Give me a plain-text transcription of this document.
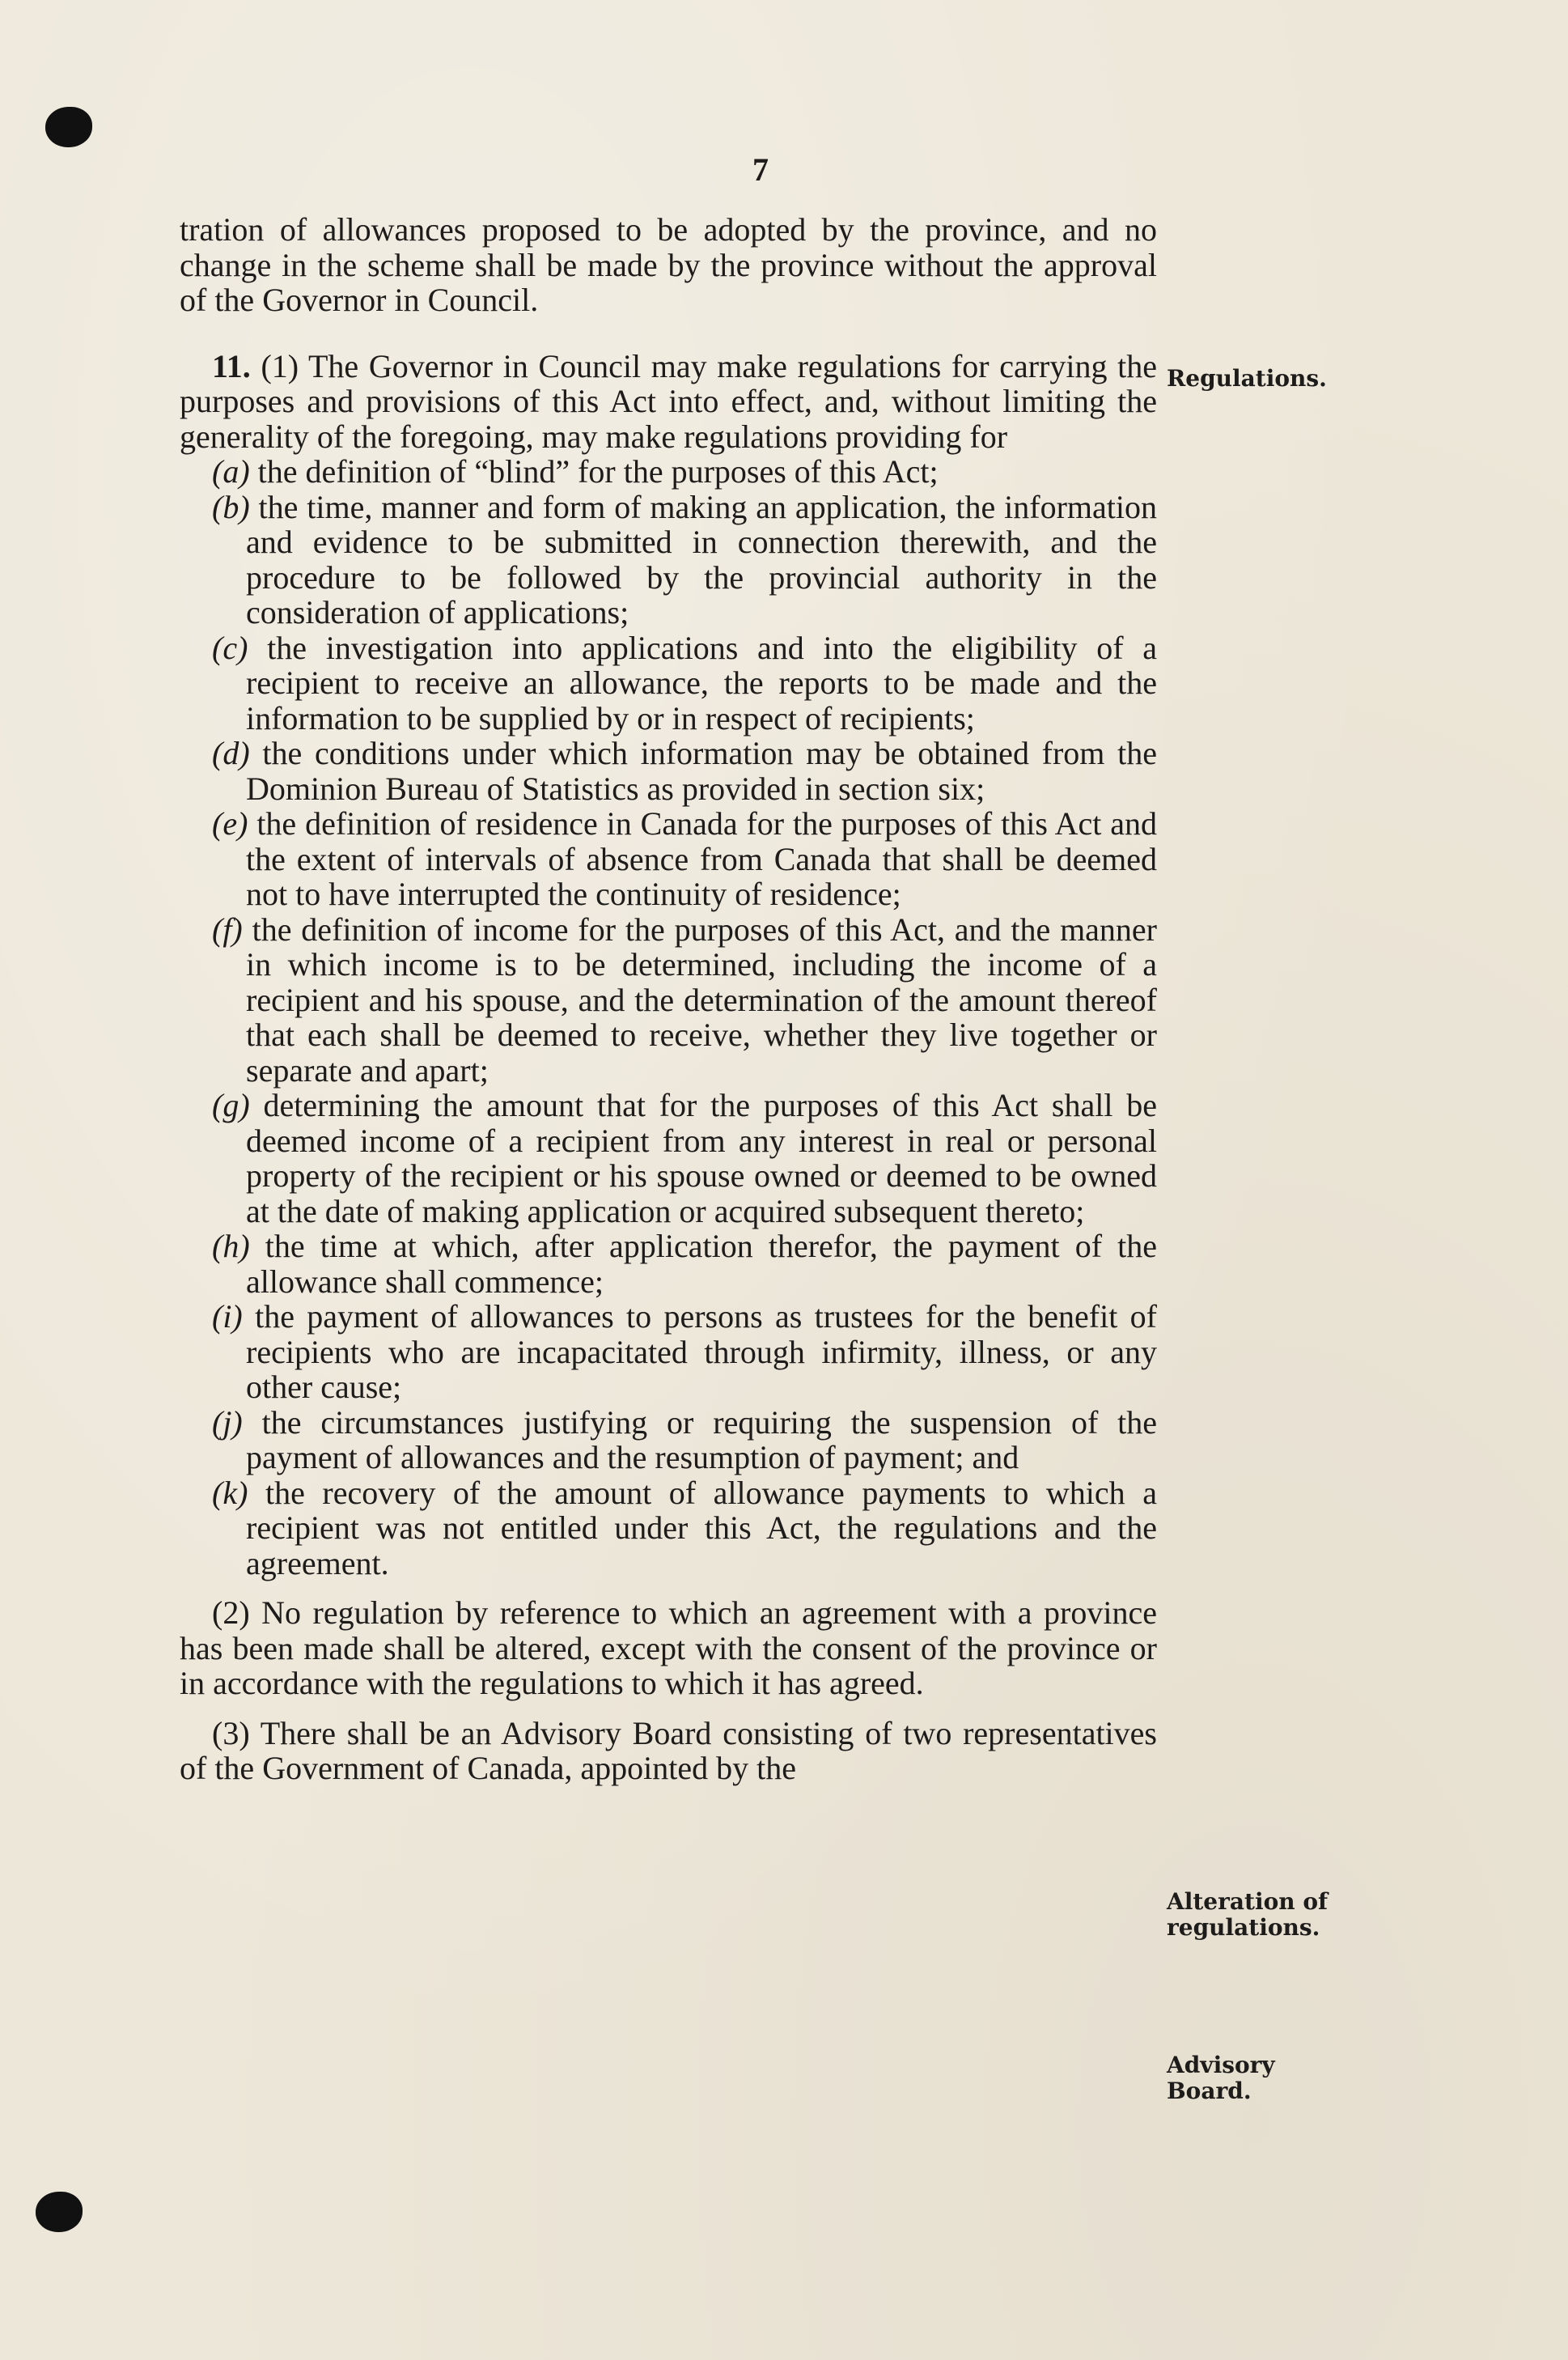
7

tration of allowances proposed to be adopted by the province, and no change in the scheme shall be made by the province without the approval of the Governor in Council.

11. (1) The Governor in Council may make regulations for carrying the purposes and provisions of this Act into effect, and, without limiting the generality of the foregoing, may make regulations providing for

(a) the definition of “blind” for the purposes of this Act;

(b) the time, manner and form of making an application, the information and evidence to be submitted in connection therewith, and the procedure to be followed by the provincial authority in the consideration of applications;

(c) the investigation into applications and into the eligibility of a recipient to receive an allowance, the reports to be made and the information to be supplied by or in respect of recipients;

(d) the conditions under which information may be obtained from the Dominion Bureau of Statistics as provided in section six;

(e) the definition of residence in Canada for the purposes of this Act and the extent of intervals of absence from Canada that shall be deemed not to have interrupted the continuity of residence;

(f) the definition of income for the purposes of this Act, and the manner in which income is to be determined, including the income of a recipient and his spouse, and the determination of the amount thereof that each shall be deemed to receive, whether they live together or separate and apart;

(g) determining the amount that for the purposes of this Act shall be deemed income of a recipient from any interest in real or personal property of the recipient or his spouse owned or deemed to be owned at the date of making application or acquired subsequent thereto;

(h) the time at which, after application therefor, the payment of the allowance shall commence;

(i) the payment of allowances to persons as trustees for the benefit of recipients who are incapacitated through infirmity, illness, or any other cause;

(j) the circumstances justifying or requiring the suspension of the payment of allowances and the resumption of payment; and

(k) the recovery of the amount of allowance payments to which a recipient was not entitled under this Act, the regulations and the agreement.

(2) No regulation by reference to which an agreement with a province has been made shall be altered, except with the consent of the province or in accordance with the regulations to which it has agreed.

(3) There shall be an Advisory Board consisting of two representatives of the Government of Canada, appointed by the

Regulations.
Alteration of regulations.
Advisory Board.
